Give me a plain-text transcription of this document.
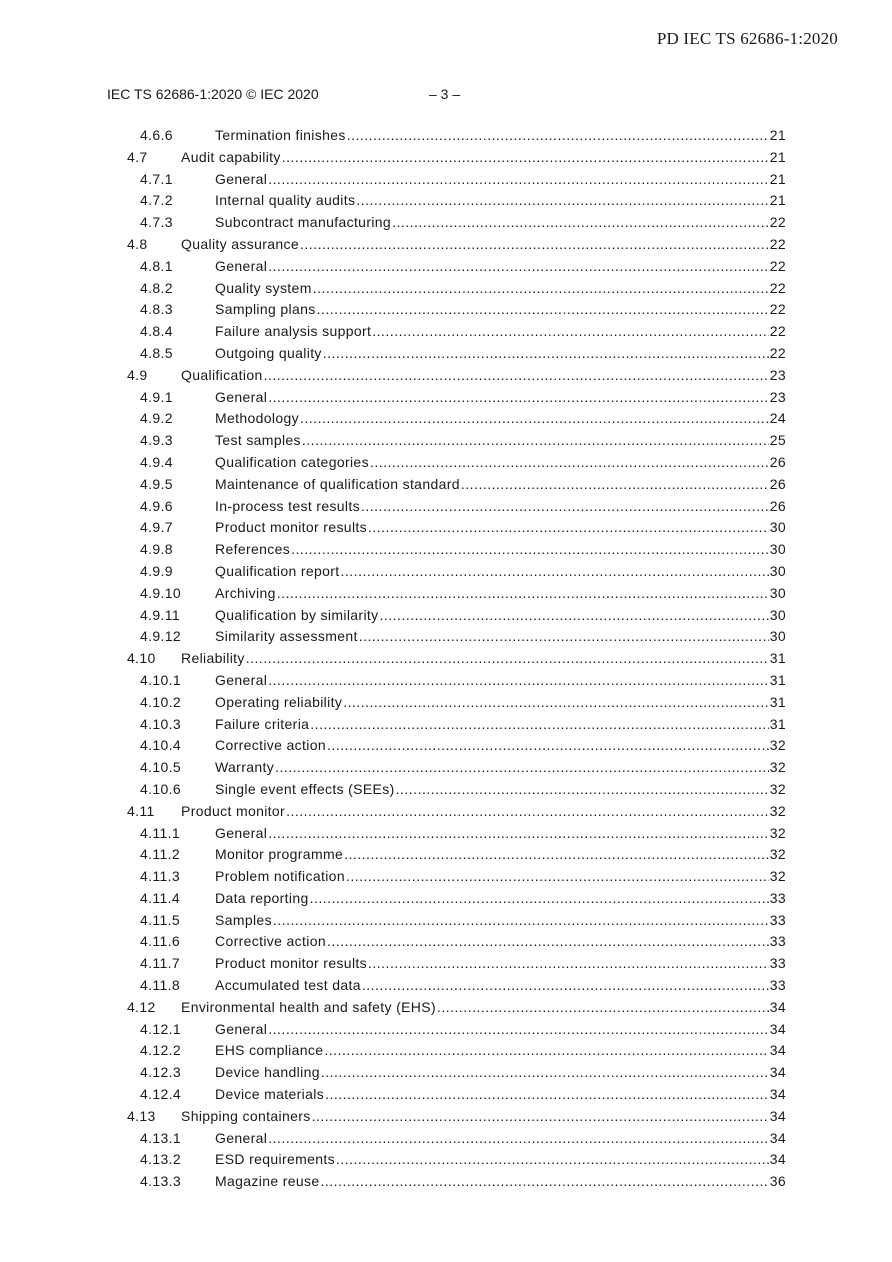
PD IEC TS 62686-1:2020
IEC TS 62686-1:2020 © IEC 2020	– 3 –
4.6.6	Termination finishes .....	21
4.7 Audit capability .....	21
4.7.1	General .....	21
4.7.2	Internal quality audits .....	21
4.7.3	Subcontract manufacturing .....	22
4.8 Quality assurance .....	22
4.8.1	General .....	22
4.8.2	Quality system .....	22
4.8.3	Sampling plans .....	22
4.8.4	Failure analysis support .....	22
4.8.5	Outgoing quality .....	22
4.9 Qualification .....	23
4.9.1	General .....	23
4.9.2	Methodology .....	24
4.9.3	Test samples .....	25
4.9.4	Qualification categories .....	26
4.9.5	Maintenance of qualification standard .....	26
4.9.6	In-process test results .....	26
4.9.7	Product monitor results .....	30
4.9.8	References .....	30
4.9.9	Qualification report .....	30
4.9.10 Archiving .....	30
4.9.11	Qualification by similarity .....	30
4.9.12 Similarity assessment .....	30
4.10 Reliability .....	31
4.10.1 General .....	31
4.10.2 Operating reliability .....	31
4.10.3 Failure criteria .....	31
4.10.4 Corrective action .....	32
4.10.5 Warranty .....	32
4.10.6 Single event effects (SEEs) .....	32
4.11 Product monitor .....	32
4.11.1	General .....	32
4.11.2	Monitor programme .....	32
4.11.3	Problem notification .....	32
4.11.4	Data reporting .....	33
4.11.5	Samples .....	33
4.11.6	Corrective action .....	33
4.11.7	Product monitor results .....	33
4.11.8	Accumulated test data .....	33
4.12 Environmental health and safety (EHS) .....	34
4.12.1 General .....	34
4.12.2 EHS compliance .....	34
4.12.3 Device handling .....	34
4.12.4 Device materials .....	34
4.13 Shipping containers .....	34
4.13.1 General .....	34
4.13.2 ESD requirements .....	34
4.13.3 Magazine reuse .....	36
